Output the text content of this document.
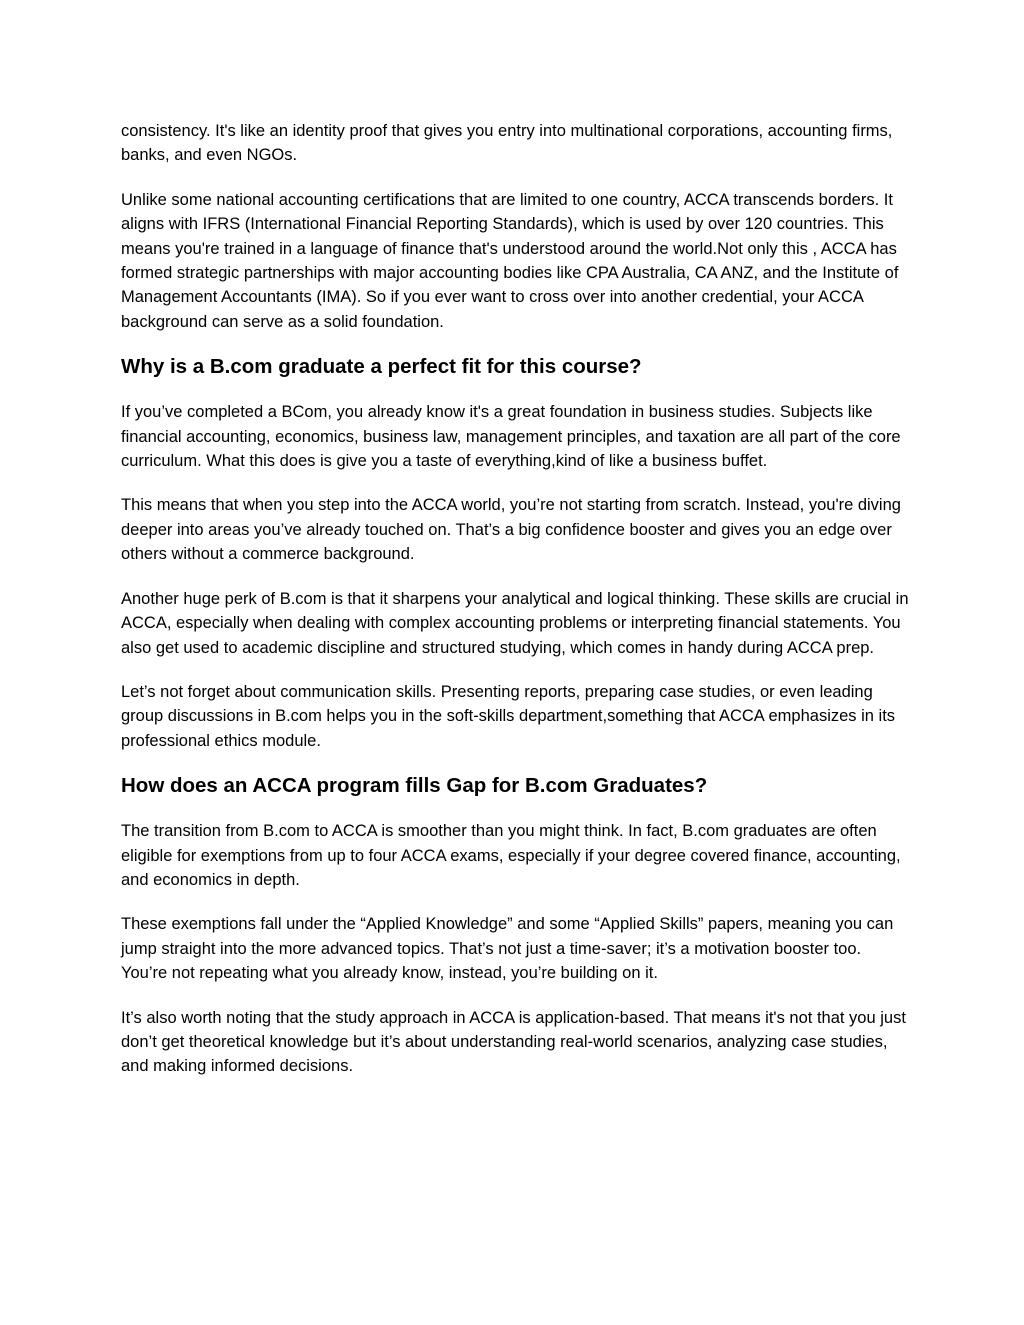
consistency. It's like an identity proof that gives you entry into multinational corporations, accounting firms, banks, and even NGOs.

Unlike some national accounting certifications that are limited to one country, ACCA transcends borders. It aligns with IFRS (International Financial Reporting Standards), which is used by over 120 countries. This means you're trained in a language of finance that's understood around the world.Not only this , ACCA has formed strategic partnerships with major accounting bodies like CPA Australia, CA ANZ, and the Institute of Management Accountants (IMA). So if you ever want to cross over into another credential, your ACCA background can serve as a solid foundation.

Why is a B.com graduate a perfect fit for this course?

If you’ve completed a BCom, you already know it's a great foundation in business studies. Subjects like financial accounting, economics, business law, management principles, and taxation are all part of the core curriculum. What this does is give you a taste of everything,kind of like a business buffet.

This means that when you step into the ACCA world, you’re not starting from scratch. Instead, you're diving deeper into areas you’ve already touched on. That’s a big confidence booster and gives you an edge over others without a commerce background.

Another huge perk of B.com is that it sharpens your analytical and logical thinking. These skills are crucial in ACCA, especially when dealing with complex accounting problems or interpreting financial statements. You also get used to academic discipline and structured studying, which comes in handy during ACCA prep.

Let’s not forget about communication skills. Presenting reports, preparing case studies, or even leading group discussions in B.com helps you in the soft-skills department,something that ACCA emphasizes in its professional ethics module.

How does an ACCA program fills Gap for B.com Graduates?

The transition from B.com to ACCA is smoother than you might think. In fact, B.com graduates are often eligible for exemptions from up to four ACCA exams, especially if your degree covered finance, accounting, and economics in depth.

These exemptions fall under the “Applied Knowledge” and some “Applied Skills” papers, meaning you can jump straight into the more advanced topics. That’s not just a time-saver; it’s a motivation booster too. You’re not repeating what you already know, instead, you’re building on it.

It’s also worth noting that the study approach in ACCA is application-based. That means it's not that you just don’t get theoretical knowledge but it’s about understanding real-world scenarios, analyzing case studies, and making informed decisions.
